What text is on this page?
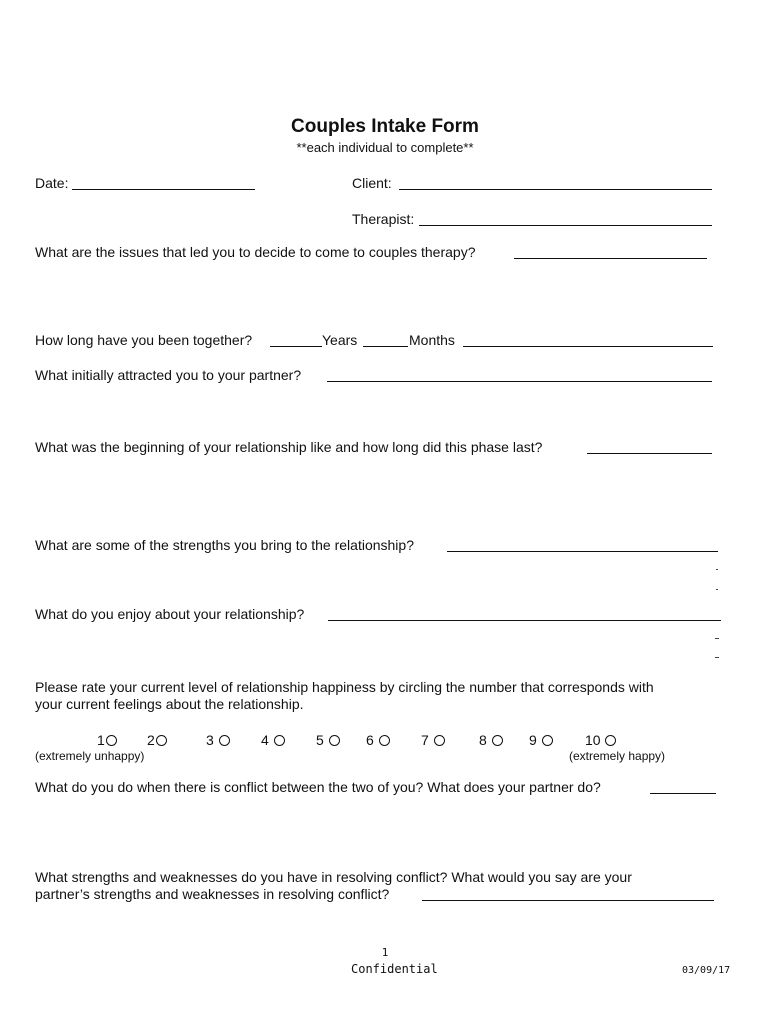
Couples Intake Form
**each individual to complete**
Date:	Client:
Therapist:
What are the issues that led you to decide to come to couples therapy?
How long have you been together?	Years	Months
What initially attracted you to your partner?
What was the beginning of your relationship like and how long did this phase last?
What are some of the strengths you bring to the relationship?
What do you enjoy about your relationship?
Please rate your current level of relationship happiness by circling the number that corresponds with
your current feelings about the relationship.
1	2	3	4	5	6	7	8	9	10
(extremely unhappy)	(extremely happy)
What do you do when there is conflict between the two of you? What does your partner do?
What strengths and weaknesses do you have in resolving conflict? What would you say are your
partner’s strengths and weaknesses in resolving conflict?
1
Confidential	03/09/17
